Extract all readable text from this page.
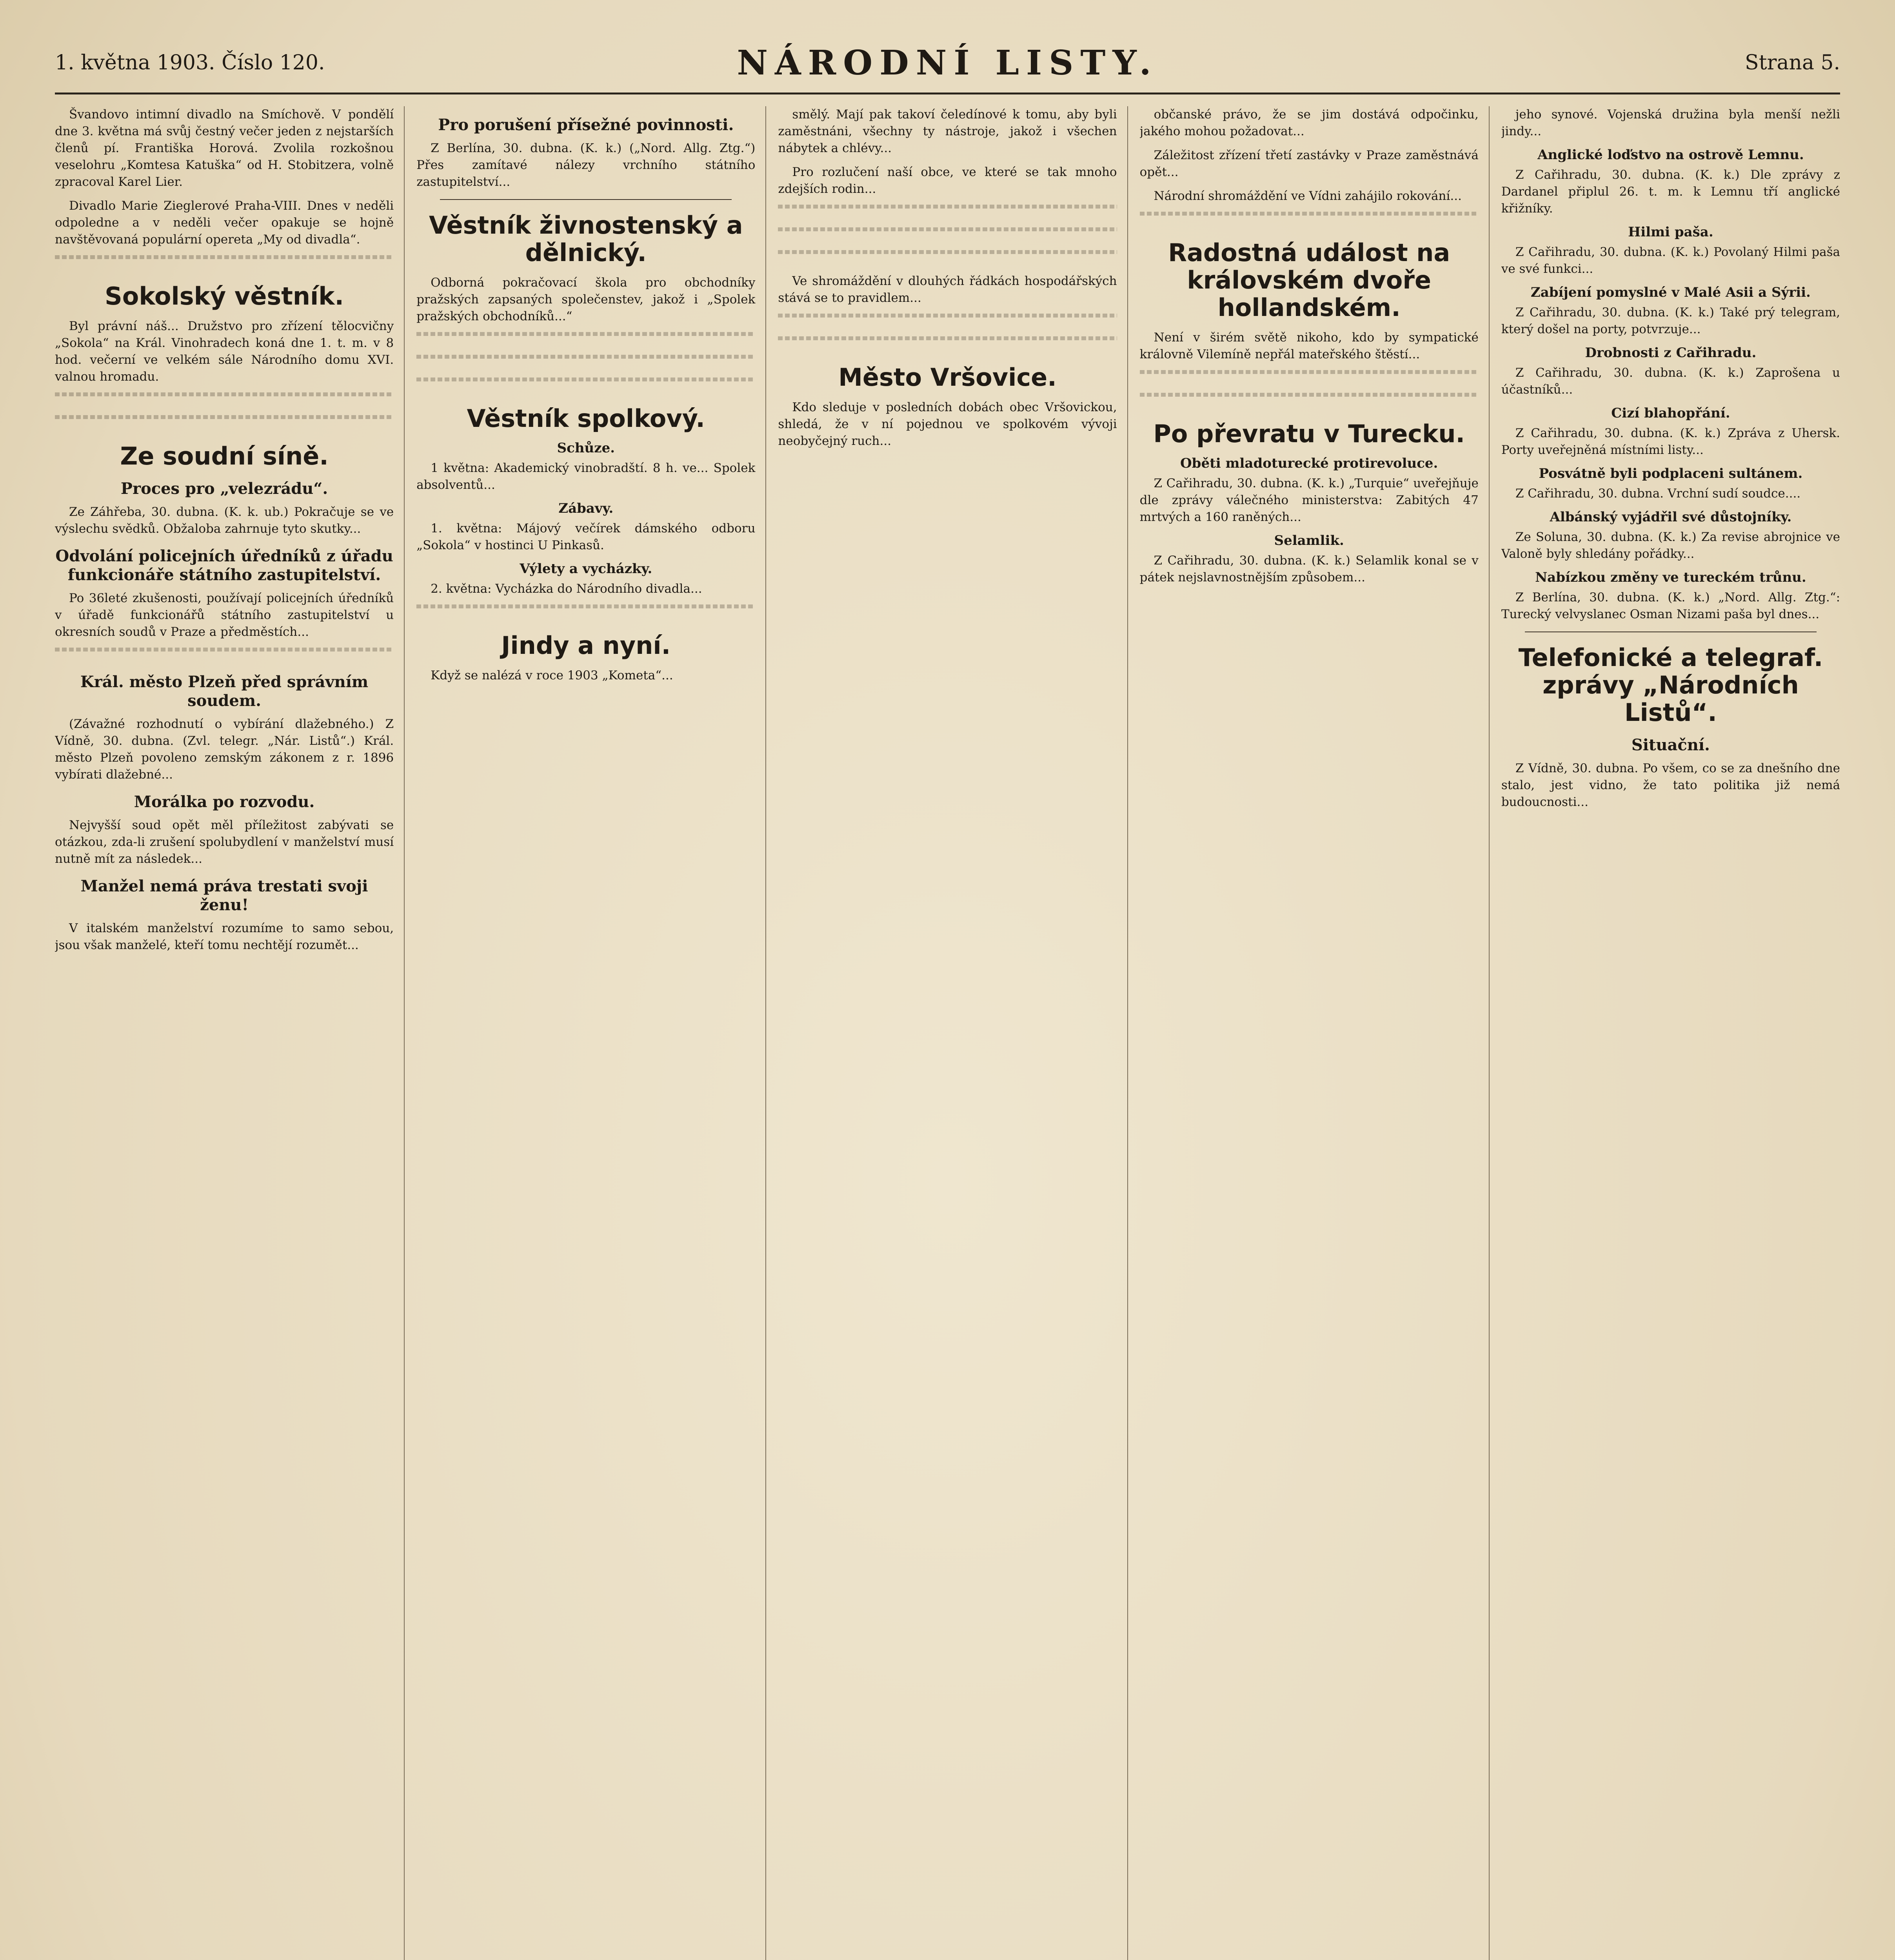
1. května 1903. Číslo 120.	NÁRODNÍ LISTY.	Strana 5.

Švandovo intimní divadlo na Smíchově. V pondělí dne 3. května má svůj čestný večer jeden z nejstarších členů pí. Františka Horová. Zvolila rozkošnou veselohru „Komtesa Katuška“ od H. Stobitzera, volně zpracoval Karel Lier.

Divadlo Marie Zieglerové Praha-VIII. Dnes v neděli odpoledne a v neděli večer opakuje se hojně navštěvovaná populární opereta „My od divadla“.

Sokolský věstník.

Byl právní náš... Družstvo pro zřízení tělocvičny „Sokola“ na Král. Vinohradech koná dne 1. t. m. v 8 hod. večerní ve velkém sále Národního domu XVI. valnou hromadu.

Ze soudní síně.
Proces pro „velezrádu“.

Ze Záhřeba, 30. dubna. (K. k. ub.) Pokračuje se ve výslechu svědků. Obžaloba zahrnuje tyto skutky...

Odvolání policejních úředníků z úřadu funkcionáře státního zastupitelství.

Po 36leté zkušenosti, používají policejních úředníků v úřadě funkcionářů státního zastupitelství u okresních soudů v Praze a předměstích...

Král. město Plzeň před správním soudem.

(Závažné rozhodnutí o vybírání dlažebného.) Z Vídně, 30. dubna. (Zvl. telegr. „Nár. Listů“.) Král. město Plzeň povoleno zemským zákonem z r. 1896 vybírati dlažebné...

Morálka po rozvodu.

Nejvyšší soud opět měl příležitost zabývati se otázkou, zda-li zrušení spolubydlení v manželství musí nutně mít za následek...

Manžel nemá práva trestati svoji ženu!

V italském manželství rozumíme to samo sebou, jsou však manželé, kteří tomu nechtějí rozumět...

Pro porušení přísežné povinnosti.

Z Berlína, 30. dubna. (K. k.) („Nord. Allg. Ztg.“) Přes zamítavé nálezy vrchního státního zastupitelství...

Věstník živnostenský a dělnický.

Odborná pokračovací škola pro obchodníky pražských zapsaných společenstev, jakož i „Spolek pražských obchodníků...“

Věstník spolkový.
Schůze.

1 května: Akademický vinobradští. 8 h. ve... Spolek absolventů...

Zábavy.

1. května: Májový večírek dámského odboru „Sokola“ v hostinci U Pinkasů.

Výlety a vycházky.

2. května: Vycházka do Národního divadla...

Jindy a nyní.

Když se nalézá v roce 1903 „Kometa“...

smělý. Mají pak takoví čeledínové k tomu, aby byli zaměstnáni, všechny ty nástroje, jakož i všechen nábytek a chlévy...

Pro rozlučení naší obce, ve které se tak mnoho zdejších rodin...

Ve shromáždění v dlouhých řádkách hospodářských stává se to pravidlem...

Město Vršovice.

Kdo sleduje v posledních dobách obec Vršovickou, shledá, že v ní pojednou ve spolkovém vývoji neobyčejný ruch...

občanské právo, že se jim dostává odpočinku, jakého mohou požadovat...

Záležitost zřízení třetí zastávky v Praze zaměstnává opět...

Národní shromáždění ve Vídni zahájilo rokování...

Radostná událost na královském dvoře hollandském.

Není v širém světě nikoho, kdo by sympatické královně Vilemíně nepřál mateřského štěstí...

Po převratu v Turecku.
Oběti mladoturecké protirevoluce.

Z Cařihradu, 30. dubna. (K. k.) „Turquie“ uveřejňuje dle zprávy válečného ministerstva: Zabitých 47 mrtvých a 160 raněných...

Selamlik.

Z Cařihradu, 30. dubna. (K. k.) Selamlik konal se v pátek nejslavnostnějším způsobem...

jeho synové. Vojenská družina byla menší nežli jindy...

Anglické loďstvo na ostrově Lemnu.

Z Cařihradu, 30. dubna. (K. k.) Dle zprávy z Dardanel připlul 26. t. m. k Lemnu tří anglické křižníky.

Hilmi paša.

Z Cařihradu, 30. dubna. (K. k.) Povolaný Hilmi paša ve své funkci...

Zabíjení pomyslné v Malé Asii a Sýrii.

Z Cařihradu, 30. dubna. (K. k.) Také prý telegram, který došel na porty, potvrzuje...

Drobnosti z Cařihradu.

Z Cařihradu, 30. dubna. (K. k.) Zaprošena u účastníků...

Cizí blahopřání.

Z Cařihradu, 30. dubna. (K. k.) Zpráva z Uhersk. Porty uveřejněná místními listy...

Posvátně byli podplaceni sultánem.

Z Cařihradu, 30. dubna. Vrchní sudí soudce....

Albánský vyjádřil své důstojníky.

Ze Soluna, 30. dubna. (K. k.) Za revise abrojnice ve Valoně byly shledány pořádky...

Nabízkou změny ve tureckém trůnu.

Z Berlína, 30. dubna. (K. k.) „Nord. Allg. Ztg.“: Turecký velvyslanec Osman Nizami paša byl dnes...

Telefonické a telegraf. zprávy „Národních Listů“.
Situační.

Z Vídně, 30. dubna. Po všem, co se za dnešního dne stalo, jest vidno, že tato politika již nemá budoucnosti...
